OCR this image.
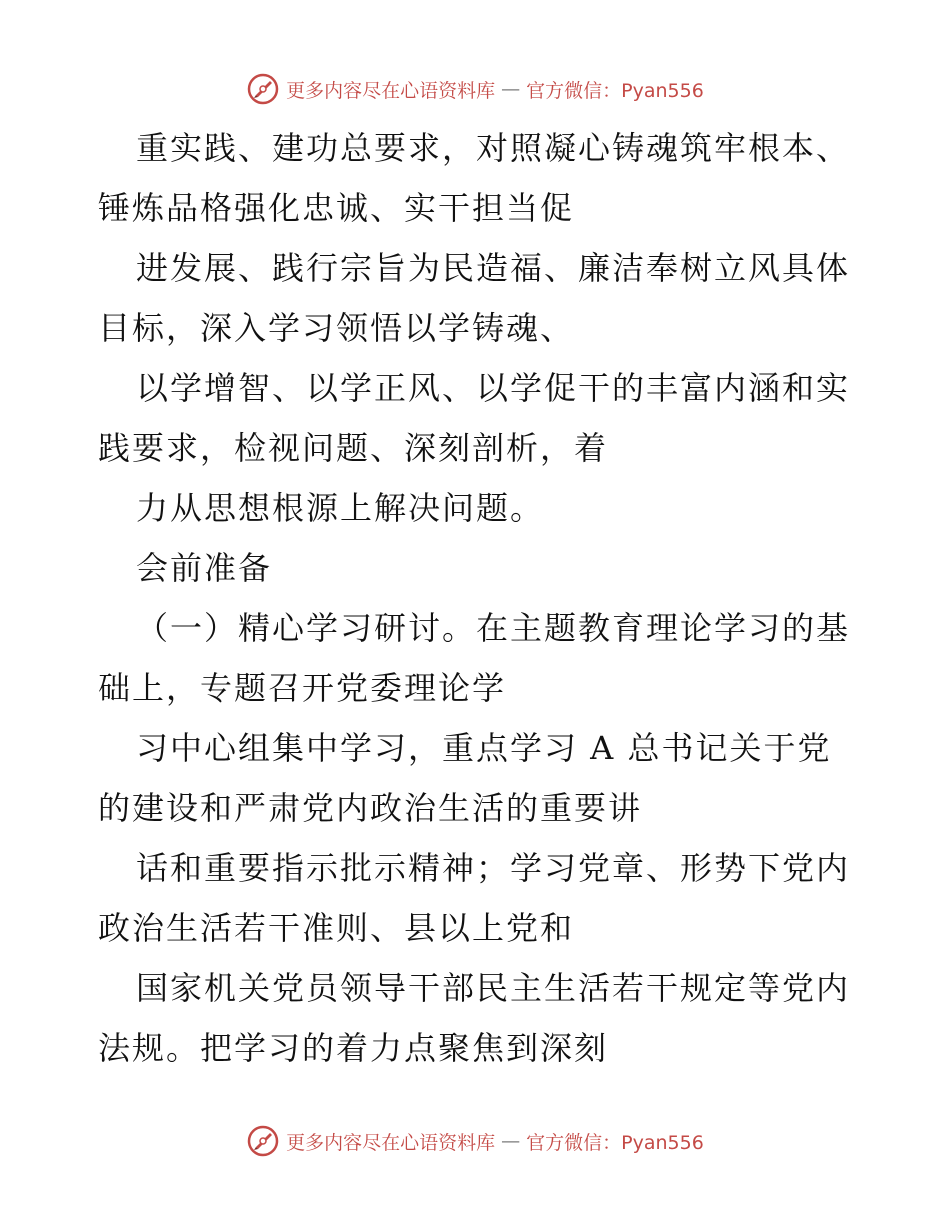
更多内容尽在心语资料库 — 官方微信：Pyan556
重实践、建功总要求，对照凝心铸魂筑牢根本、
锤炼品格强化忠诚、实干担当促
进发展、践行宗旨为民造福、廉洁奉树立风具体
目标，深入学习领悟以学铸魂、
以学增智、以学正风、以学促干的丰富内涵和实
践要求，检视问题、深刻剖析，着
力从思想根源上解决问题。
会前准备
（一）精心学习研讨。在主题教育理论学习的基
础上，专题召开党委理论学
习中心组集中学习，重点学习 A 总书记关于党
的建设和严肃党内政治生活的重要讲
话和重要指示批示精神；学习党章、形势下党内
政治生活若干准则、县以上党和
国家机关党员领导干部民主生活若干规定等党内
法规。把学习的着力点聚焦到深刻
更多内容尽在心语资料库 — 官方微信：Pyan556
